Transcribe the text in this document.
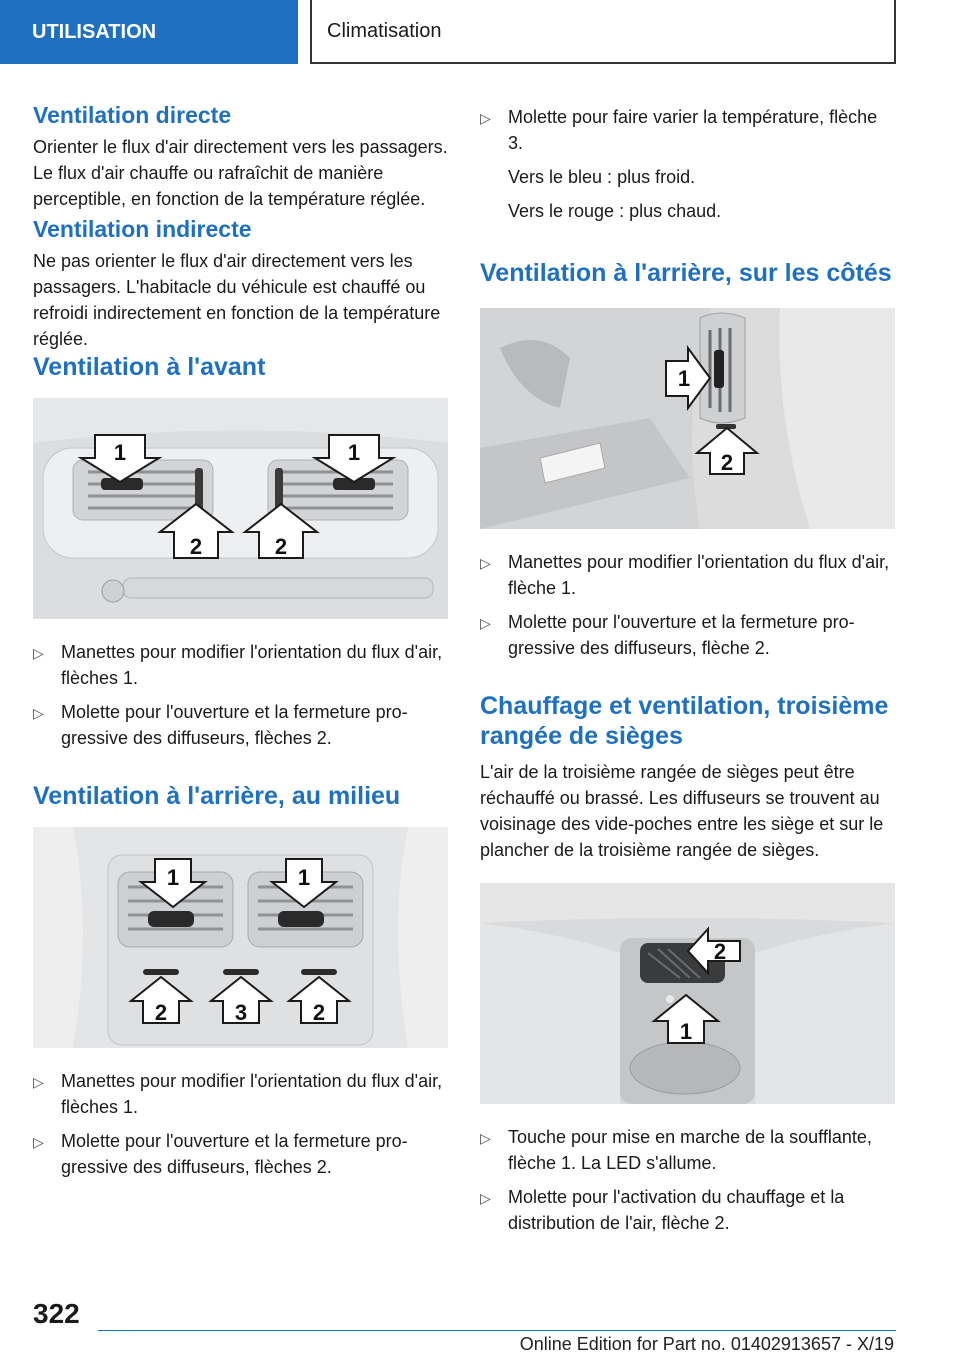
UTILISATION	Climatisation
Ventilation directe

Orienter le flux d'air directement vers les passagers. Le flux d'air chauffe ou rafraîchit de manière perceptible, en fonction de la température réglée.

Ventilation indirecte

Ne pas orienter le flux d'air directement vers les passagers. L'habitacle du véhicule est chauffé ou refroidi indirectement en fonction de la température réglée.

Ventilation à l'avant
1	1
2	2
▷ Manettes pour modifier l'orientation du flux d'air, flèches 1.
▷ Molette pour l'ouverture et la fermeture progressive des diffuseurs, flèches 2.
Ventilation à l'arrière, au milieu
1	1
2	3	2
▷ Manettes pour modifier l'orientation du flux d'air, flèches 1.
▷ Molette pour l'ouverture et la fermeture progressive des diffuseurs, flèches 2.
▷ Molette pour faire varier la température, flèche 3.
Vers le bleu : plus froid.
Vers le rouge : plus chaud.
Ventilation à l'arrière, sur les côtés
1
2
▷ Manettes pour modifier l'orientation du flux d'air, flèche 1.
▷ Molette pour l'ouverture et la fermeture progressive des diffuseurs, flèche 2.
Chauffage et ventilation, troisième rangée de sièges

L'air de la troisième rangée de sièges peut être réchauffé ou brassé. Les diffuseurs se trouvent au voisinage des vide-poches entre les siège et sur le plancher de la troisième rangée de sièges.

2
1
▷ Touche pour mise en marche de la soufflante, flèche 1. La LED s'allume.
▷ Molette pour l'activation du chauffage et la distribution de l'air, flèche 2.
322
Online Edition for Part no. 01402913657 - X/19
